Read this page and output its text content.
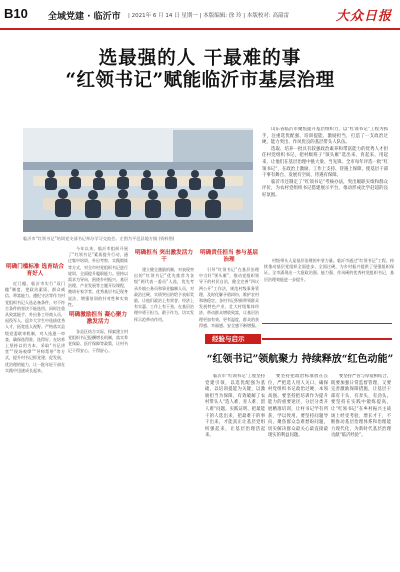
B10 全域党建 · 临沂市 | 2021年 6 月 14 日 星期一 | 本版编辑: 徐 玲 | 本版校对: 高韶雷	大众日报
选最强的人 干最难的事
“红领书记”赋能临沂市基层治理
临沂市“红领书记”培训党支部书记举办学习交流会。左图为平邑县地方镇 (资料图)

山东省临沂市聚焦提升基层组织力，以“红领书记”工程为抓手，注重选优配强、培训提能、激励担当，打造了一支政治过硬、能力突出、作风优良的基层带头人队伍。

选取、培养一批具有较强政治素养和带富能力的优秀人才担任村党组织书记，把村级班子“领头雁”选出来、育起来、用起来，让他们在基层治理中挑大梁、当先锋。全市每年评选一批“红领书记”，在政治上激励、工作上支持、待遇上保障，使基层干部干事有舞台、发展有空间、待遇有保障。

临沂市还制定了“红领书记”考核办法，突出履职实绩和群众评价，为农村党组织书记搭建展示平台，推动形成比学赶超的良好氛围。

明确门槛标准 选育结合育好人

近门槛。临沂市实行“双门槛”制度，把政治素质、群众威信、带富能力、遵纪守法等作为村党组织书记人选必备条件，对不符合条件的坚决不能选用。同时注重从致富能手、外出务工经商人员、退役军人、返乡大学生中选拔优秀人才，拓宽选人视野。严格落实县级党委联审机制，对人选逐一审查，确保选得准、选得好。在培养上坚持以用为本，采取“书记讲堂”“现场观摩”“导师帮带”等方式，提升村书记抓党建、促发展、优治理的能力，让一批年轻干部在实践中迅速成长起来。

今年以来，临沂市组织开展了“红领书记”素质提升行动，通过集中培训、外出考察、实践锻炼等方式，对全市村党组织书记进行轮训，全面提升履职能力。坚持以需求为导向，围绕乡村振兴、基层治理、产业发展等主题开设课程，邀请专家学者、优秀基层书记现身说法，增强培训的针对性和实效性。

明确激励担当 凝心聚力激发活力

各县区结合实际，探索建立村党组织书记报酬增长机制，落实养老保险、医疗保障等政策，让村书记干得安心、干得舒心。

明确担当 突出激发活力干

建立健全激励机制，对表现突出的“红领书记”优先推荐为各级“两代表一委员”人选，优先考录乡镇公务员和事业编制人员，对政治过硬、实绩突出的给予表彰奖励，让他们政治上有荣誉、经济上有实惠、工作上有干劲，在基层治理中勇于担当、敢于作为，切实发挥示范带动作用。

明确责任担当 参与基层治理

引导“红领书记”在基层治理中当好“领头雁”，推动党组织领导下的村民自治，健全完善“四议两公开”工作法，规范村级事务管理，及时化解矛盾纠纷，维护农村和谐稳定。各村书记积极带领群众发展特色产业，壮大村级集体经济，带动群众增收致富，让基层治理更加有效、更有温度，群众的获得感、幸福感、安全感不断增强。

村级带头人是基层治理的中坚力量。临沂市通过“红领书记”工程，持续推动基层党组织全面进步、全面过硬，为乡村振兴提供了坚强组织保证。全市涌现出一大批政治强、能力强、作风硬的优秀村党组织书记，基层治理效能进一步提升。

经验与启示
“红领书记”领航聚力 持续释放“红色动能”

临沂市“红领书记”工程坚持党建引领，以选优配强为基础，以培训提能为关键，以激励担当为保障，有效破解了农村带头人“选人难、育人难、留人难”问题。实践证明，把最能干的人选出来，把最难干的事干出来，才能真正让基层党组织强起来，让基层治理活起来。

要坚持把政治标准放在首位，严把选人用人关口，确保村党组织书记政治过硬、本领高强。要坚持把培训作为提升能力的重要途径，分层分类开展精准培训，让村书记学有所获、学以致用。要坚持问题导向，聚焦群众急难愁盼问题，切实解决群众最关心最直接最现实的利益问题。

要坚持严管与厚爱相结合，既要加强日常监督管理，又要完善激励保障措施，让基层干部有干头、有奔头、有劲头。要坚持在实践中锻炼提高，让“红领书记”在乡村振兴主战场上经受考验、增长才干，不断推动基层治理体系和治理能力现代化，为新时代基层治理贡献“临沂经验”。
